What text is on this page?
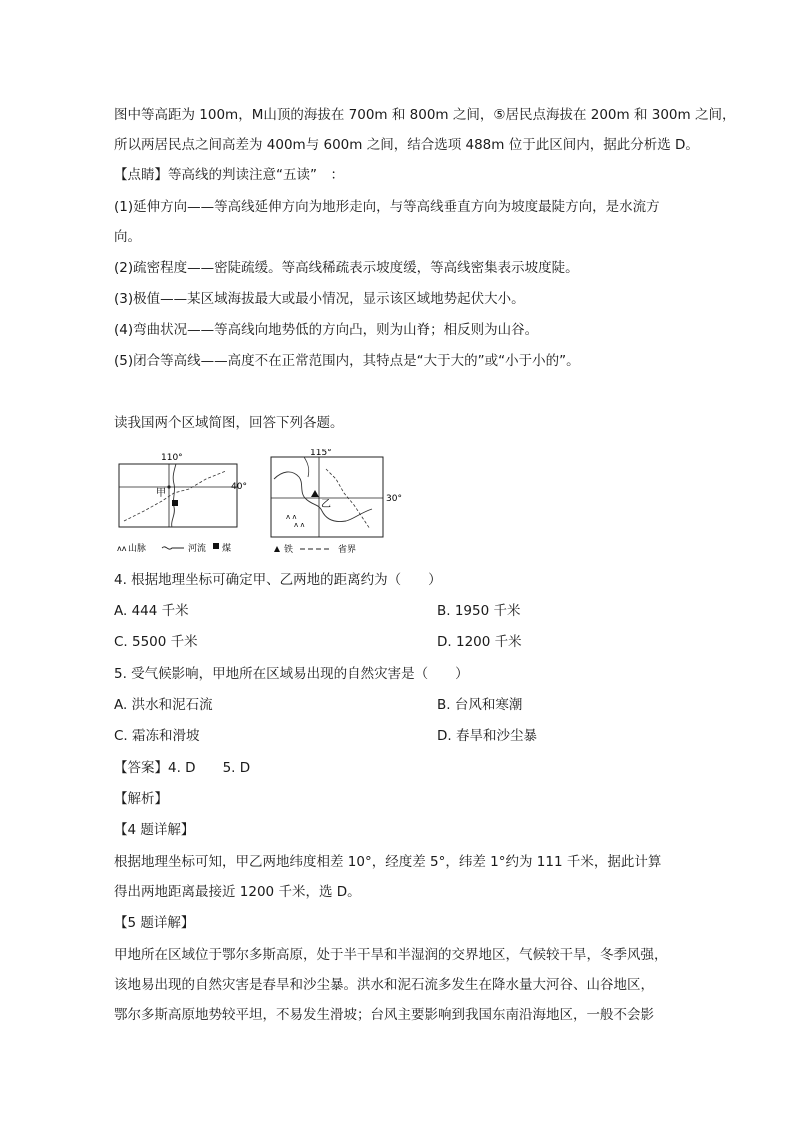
图中等高距为 100m，M山顶的海拔在 700m 和 800m 之间，⑤居民点海拔在 200m 和 300m 之间，
所以两居民点之间高差为 400m与 600m 之间，结合选项 488m 位于此区间内，据此分析选 D。
【点睛】等高线的判读注意“五读”　：
(1)延伸方向——等高线延伸方向为地形走向，与等高线垂直方向为坡度最陡方向，是水流方
向。
(2)疏密程度——密陡疏缓。等高线稀疏表示坡度缓，等高线密集表示坡度陡。
(3)极值——某区域海拔最大或最小情况，显示该区域地势起伏大小。
(4)弯曲状况——等高线向地势低的方向凸，则为山脊；相反则为山谷。
(5)闭合等高线——高度不在正常范围内，其特点是“大于大的”或“小于小的”。
读我国两个区域简图，回答下列各题。
110°
40°
甲
ᴧᴧ 山脉	河流 煤
115°
30°
乙
ᴧ ᴧ
ᴧ ᴧ
铁	省界
4. 根据地理坐标可确定甲、乙两地的距离约为（　　）
A. 444 千米	B. 1950 千米
C. 5500 千米	D. 1200 千米
5. 受气候影响，甲地所在区域易出现的自然灾害是（　　）
A. 洪水和泥石流	B. 台风和寒潮
C. 霜冻和滑坡	D. 春旱和沙尘暴
【答案】4. D　　5. D
【解析】
【4 题详解】
根据地理坐标可知，甲乙两地纬度相差 10°，经度差 5°，纬差 1°约为 111 千米，据此计算
得出两地距离最接近 1200 千米，选 D。
【5 题详解】
甲地所在区域位于鄂尔多斯高原，处于半干旱和半湿润的交界地区，气候较干旱，冬季风强，
该地易出现的自然灾害是春旱和沙尘暴。洪水和泥石流多发生在降水量大河谷、山谷地区，
鄂尔多斯高原地势较平坦，不易发生滑坡；台风主要影响到我国东南沿海地区，一般不会影
